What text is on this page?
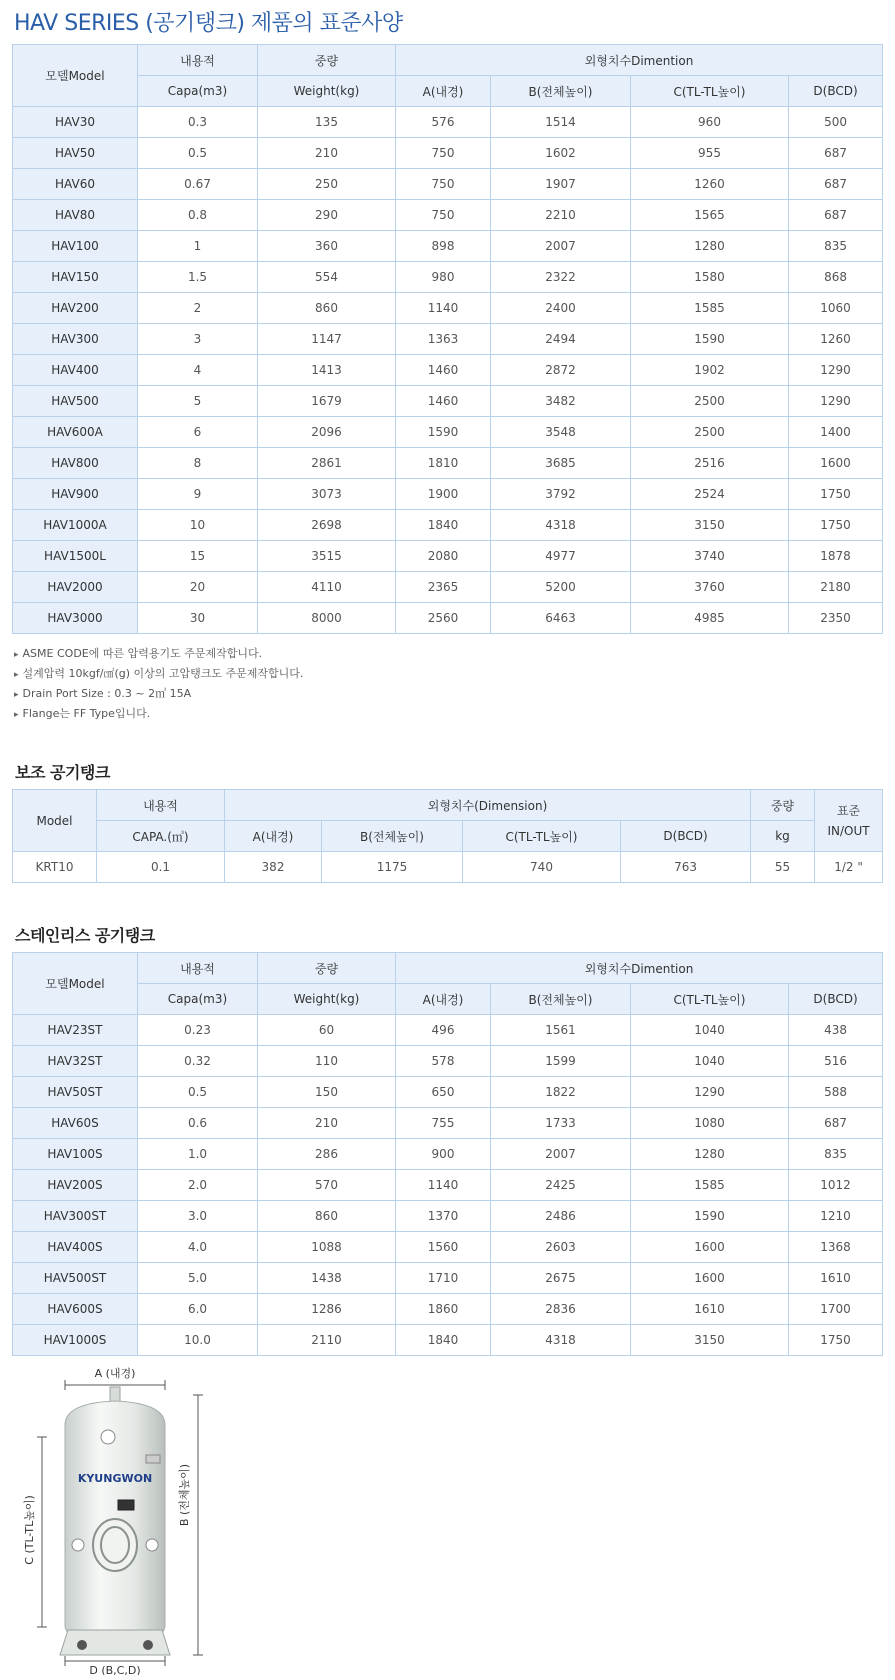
HAV SERIES (공기탱크) 제품의 표준사양
모델Model	내용적	중량	외형치수Dimention			
	Capa(m3)	Weight(kg)	A(내경)	B(전체높이)	C(TL-TL높이)	D(BCD)
HAV30	0.3	135	576	1514	960	500
HAV50	0.5	210	750	1602	955	687
HAV60	0.67	250	750	1907	1260	687
HAV80	0.8	290	750	2210	1565	687
HAV100	1	360	898	2007	1280	835
HAV150	1.5	554	980	2322	1580	868
HAV200	2	860	1140	2400	1585	1060
HAV300	3	1147	1363	2494	1590	1260
HAV400	4	1413	1460	2872	1902	1290
HAV500	5	1679	1460	3482	2500	1290
HAV600A	6	2096	1590	3548	2500	1400
HAV800	8	2861	1810	3685	2516	1600
HAV900	9	3073	1900	3792	2524	1750
HAV1000A	10	2698	1840	4318	3150	1750
HAV1500L	15	3515	2080	4977	3740	1878
HAV2000	20	4110	2365	5200	3760	2180
HAV3000	30	8000	2560	6463	4985	2350
▸ ASME CODE에 따른 압력용기도 주문제작합니다.
▸ 설계압력 10kgf/㎠(g) 이상의 고압탱크도 주문제작합니다.
▸ Drain Port Size : 0.3 ~ 2㎥ 15A
▸ Flange는 FF Type입니다.
보조 공기탱크
Model	내용적	외형치수(Dimension)				중량	표준 IN/OUT
	CAPA.(㎥)	A(내경)	B(전체높이)	C(TL-TL높이)	D(BCD)	kg	
KRT10	0.1	382	1175	740	763	55	1/2 "
스테인리스 공기탱크
모델Model	내용적	중량	외형치수Dimention			
	Capa(m3)	Weight(kg)	A(내경)	B(전체높이)	C(TL-TL높이)	D(BCD)
HAV23ST	0.23	60	496	1561	1040	438
HAV32ST	0.32	110	578	1599	1040	516
HAV50ST	0.5	150	650	1822	1290	588
HAV60S	0.6	210	755	1733	1080	687
HAV100S	1.0	286	900	2007	1280	835
HAV200S	2.0	570	1140	2425	1585	1012
HAV300ST	3.0	860	1370	2486	1590	1210
HAV400S	4.0	1088	1560	2603	1600	1368
HAV500ST	5.0	1438	1710	2675	1600	1610
HAV600S	6.0	1286	1860	2836	1610	1700
HAV1000S	10.0	2110	1840	4318	3150	1750
A (내경)
KYUNGWON
C (TL-TL높이)
B (전체높이)
D (B,C,D)
